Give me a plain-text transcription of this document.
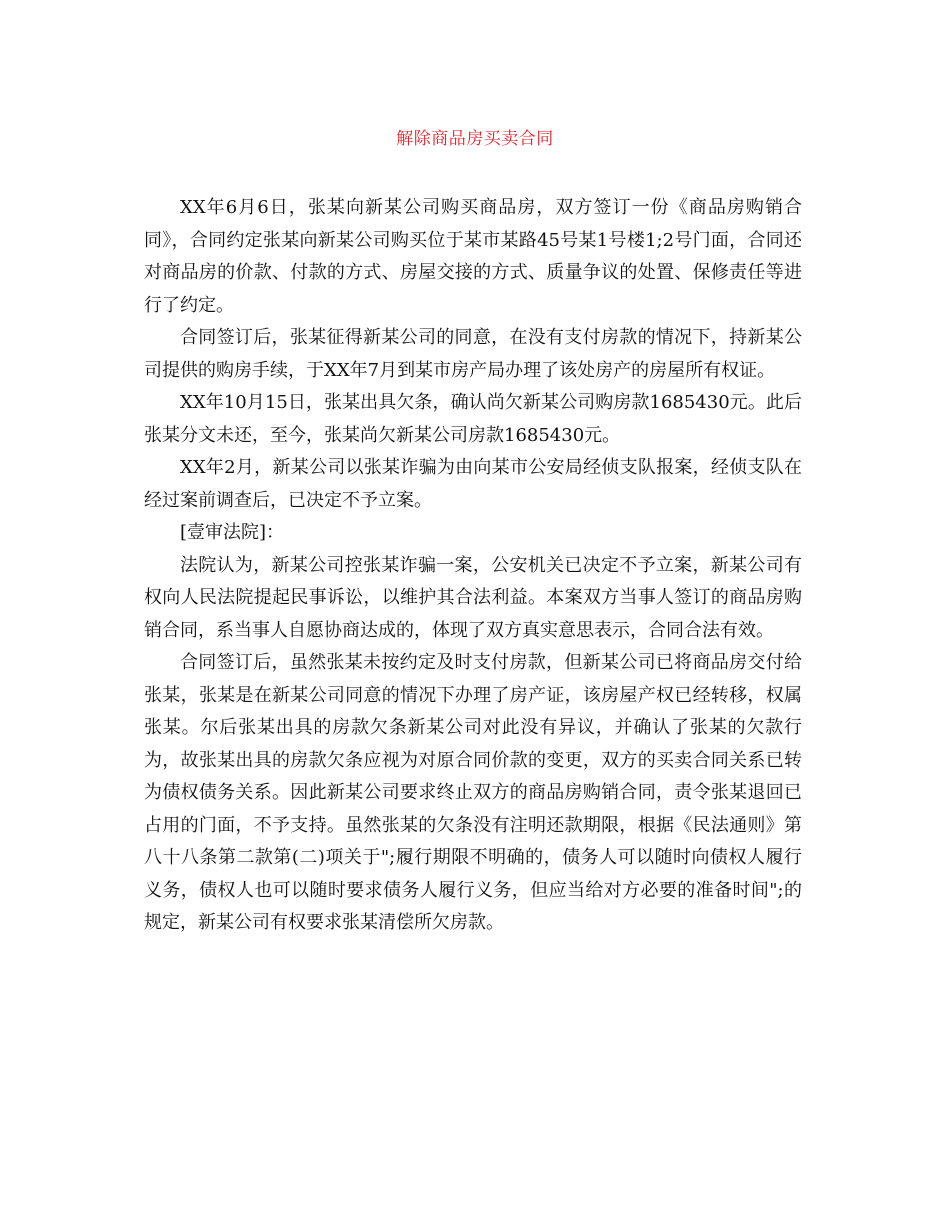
解除商品房买卖合同

XX年6月6日，张某向新某公司购买商品房，双方签订一份《商品房购销合同》，合同约定张某向新某公司购买位于某市某路45号某1号楼1;2号门面，合同还对商品房的价款、付款的方式、房屋交接的方式、质量争议的处置、保修责任等进行了约定。

合同签订后，张某征得新某公司的同意，在没有支付房款的情况下，持新某公司提供的购房手续，于XX年7月到某市房产局办理了该处房产的房屋所有权证。

XX年10月15日，张某出具欠条，确认尚欠新某公司购房款1685430元。此后张某分文未还，至今，张某尚欠新某公司房款1685430元。

XX年2月，新某公司以张某诈骗为由向某市公安局经侦支队报案，经侦支队在经过案前调查后，已决定不予立案。

[壹审法院]：

法院认为，新某公司控张某诈骗一案，公安机关已决定不予立案，新某公司有权向人民法院提起民事诉讼，以维护其合法利益。本案双方当事人签订的商品房购销合同，系当事人自愿协商达成的，体现了双方真实意思表示，合同合法有效。

合同签订后，虽然张某未按约定及时支付房款，但新某公司已将商品房交付给张某，张某是在新某公司同意的情况下办理了房产证，该房屋产权已经转移，权属张某。尔后张某出具的房款欠条新某公司对此没有异议，并确认了张某的欠款行为，故张某出具的房款欠条应视为对原合同价款的变更，双方的买卖合同关系已转为债权债务关系。因此新某公司要求终止双方的商品房购销合同，责令张某退回已占用的门面，不予支持。虽然张某的欠条没有注明还款期限，根据《民法通则》第八十八条第二款第(二)项关于";履行期限不明确的，债务人可以随时向债权人履行义务，债权人也可以随时要求债务人履行义务，但应当给对方必要的准备时间";的规定，新某公司有权要求张某清偿所欠房款。
